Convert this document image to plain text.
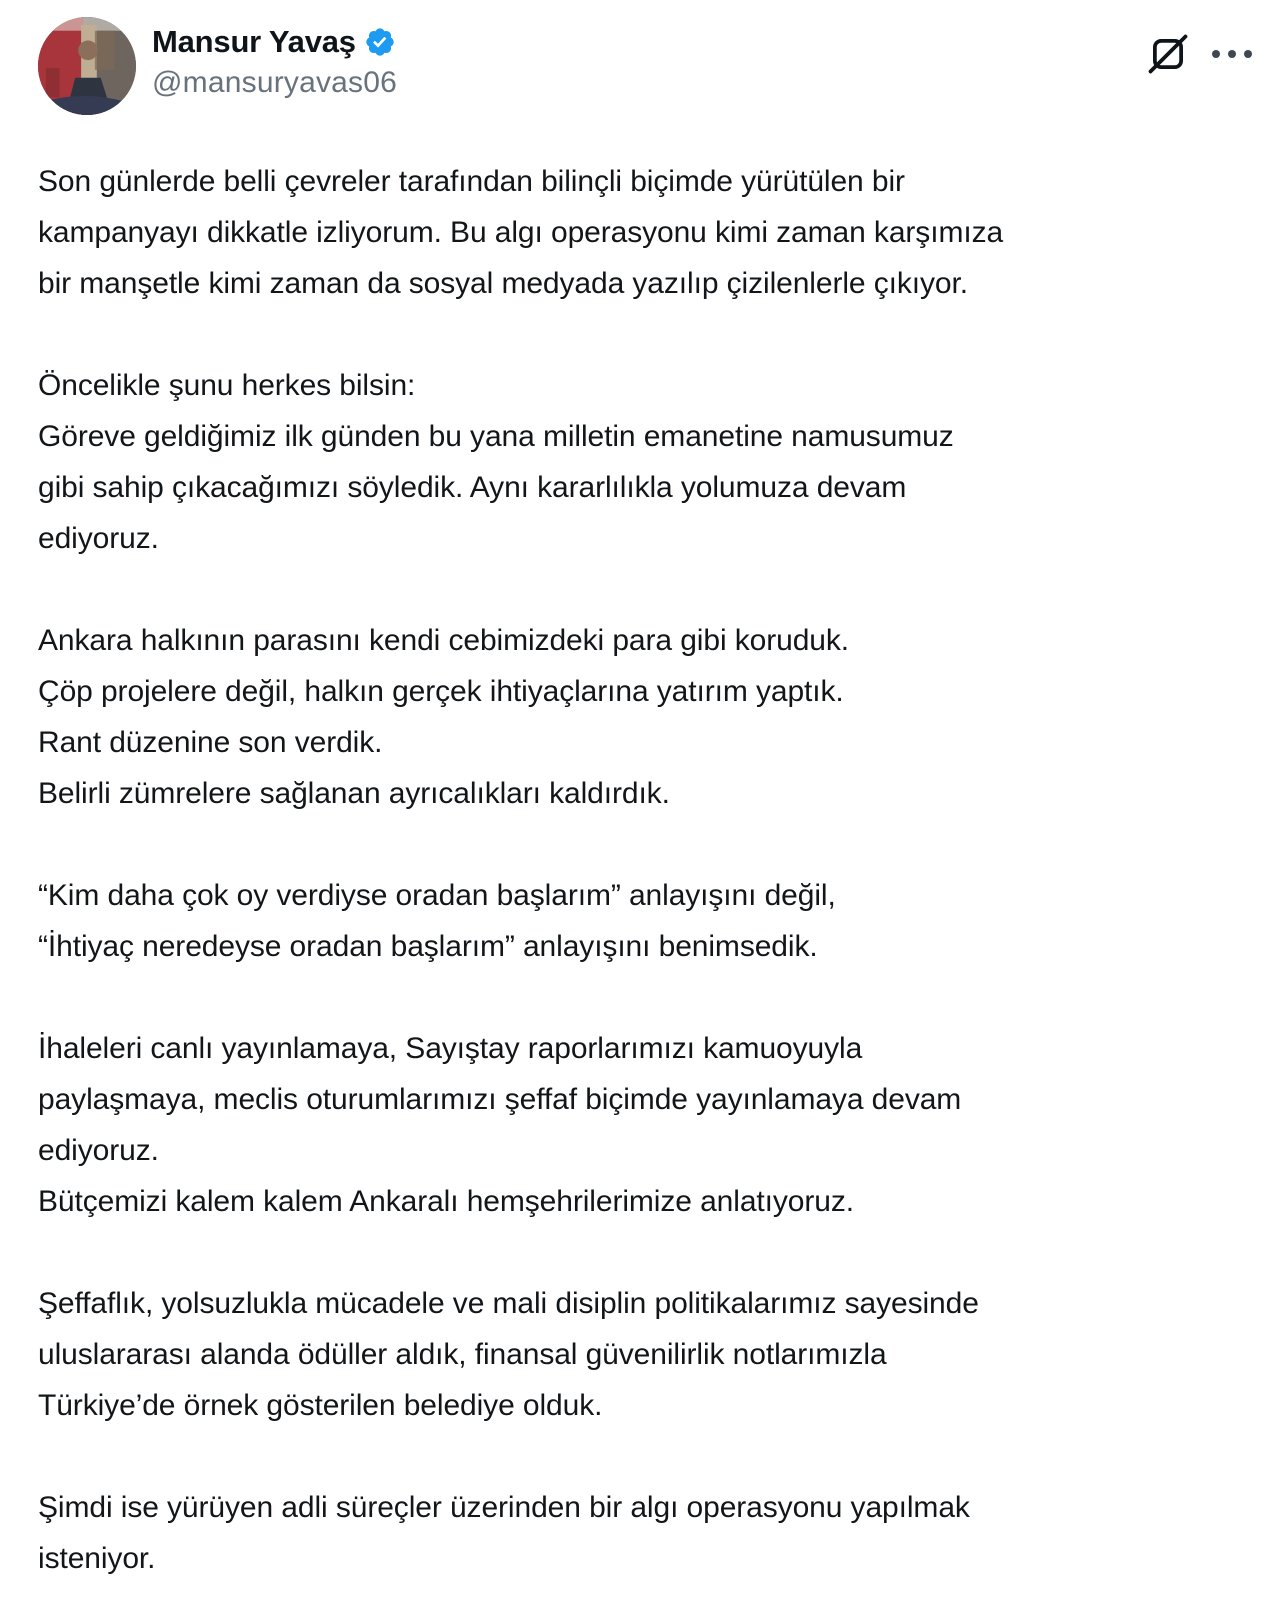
Mansur Yavaş
@mansuryavas06
Son günlerde belli çevreler tarafından bilinçli biçimde yürütülen bir
kampanyayı dikkatle izliyorum. Bu algı operasyonu kimi zaman karşımıza
bir manşetle kimi zaman da sosyal medyada yazılıp çizilenlerle çıkıyor.

Öncelikle şunu herkes bilsin:
Göreve geldiğimiz ilk günden bu yana milletin emanetine namusumuz
gibi sahip çıkacağımızı söyledik. Aynı kararlılıkla yolumuza devam
ediyoruz.

Ankara halkının parasını kendi cebimizdeki para gibi koruduk.
Çöp projelere değil, halkın gerçek ihtiyaçlarına yatırım yaptık.
Rant düzenine son verdik.
Belirli zümrelere sağlanan ayrıcalıkları kaldırdık.

“Kim daha çok oy verdiyse oradan başlarım” anlayışını değil,
“İhtiyaç neredeyse oradan başlarım” anlayışını benimsedik.

İhaleleri canlı yayınlamaya, Sayıştay raporlarımızı kamuoyuyla
paylaşmaya, meclis oturumlarımızı şeffaf biçimde yayınlamaya devam
ediyoruz.
Bütçemizi kalem kalem Ankaralı hemşehrilerimize anlatıyoruz.

Şeffaflık, yolsuzlukla mücadele ve mali disiplin politikalarımız sayesinde
uluslararası alanda ödüller aldık, finansal güvenilirlik notlarımızla
Türkiye’de örnek gösterilen belediye olduk.

Şimdi ise yürüyen adli süreçler üzerinden bir algı operasyonu yapılmak
isteniyor.
